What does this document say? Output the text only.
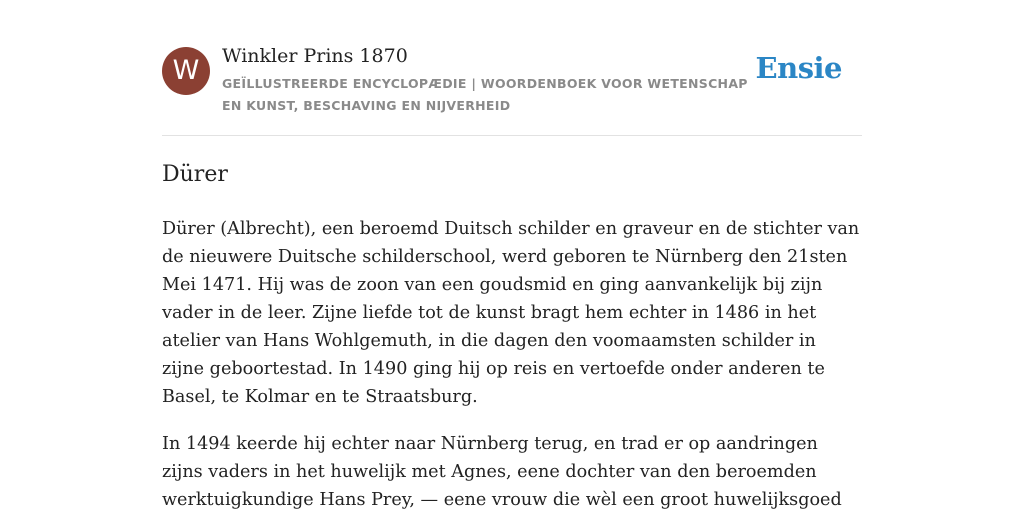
W	Winkler Prins 1870
GEÏLLUSTREERDE ENCYCLOPÆDIE | WOORDENBOEK VOOR WETENSCHAP EN KUNST, BESCHAVING EN NIJVERHEID
Ensie
Dürer

Dürer (Albrecht), een beroemd Duitsch schilder en graveur en de stichter van de nieuwere Duitsche schilderschool, werd geboren te Nürnberg den 21sten Mei 1471. Hij was de zoon van een goudsmid en ging aanvankelijk bij zijn vader in de leer. Zijne liefde tot de kunst bragt hem echter in 1486 in het atelier van Hans Wohlgemuth, in die dagen den voomaamsten schilder in zijne geboortestad. In 1490 ging hij op reis en vertoefde onder anderen te Basel, te Kolmar en te Straatsburg.

In 1494 keerde hij echter naar Nürnberg terug, en trad er op aandringen zijns vaders in het huwelijk met Agnes, eene dochter van den beroemden werktuigkundige Hans Prey, — eene vrouw die wèl een groot huwelijksgoed
